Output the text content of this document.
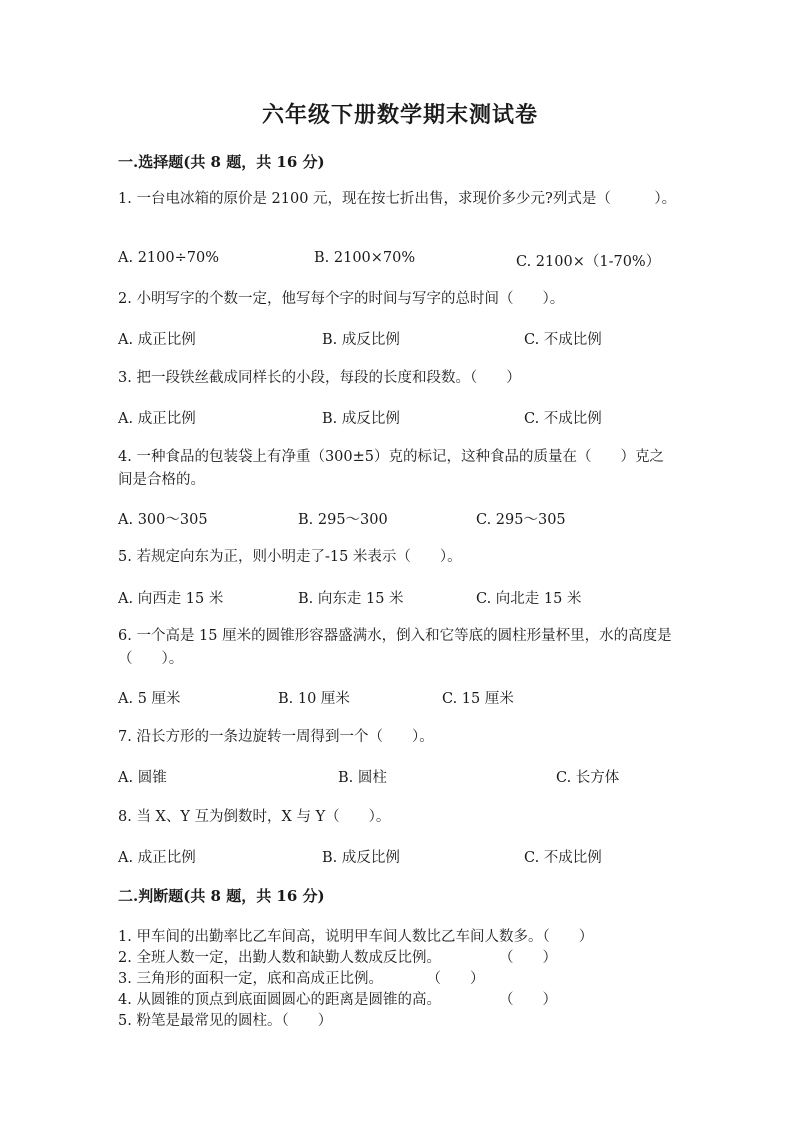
六年级下册数学期末测试卷
一.选择题(共 8 题，共 16 分)
1. 一台电冰箱的原价是 2100 元，现在按七折出售，求现价多少元?列式是（　　　）。
A. 2100÷70%	B. 2100×70%	C. 2100×（1-70%）
2. 小明写字的个数一定，他写每个字的时间与写字的总时间（　　）。
A. 成正比例	B. 成反比例	C. 不成比例
3. 把一段铁丝截成同样长的小段，每段的长度和段数。（　　）
A. 成正比例	B. 成反比例	C. 不成比例
4. 一种食品的包装袋上有净重（300±5）克的标记，这种食品的质量在（　　）克之间是合格的。
A. 300～305	B. 295～300	C. 295～305
5. 若规定向东为正，则小明走了-15 米表示（　　）。
A. 向西走 15 米	B. 向东走 15 米	C. 向北走 15 米
6. 一个高是 15 厘米的圆锥形容器盛满水，倒入和它等底的圆柱形量杯里，水的高度是（　　）。
A. 5 厘米	B. 10 厘米	C. 15 厘米
7. 沿长方形的一条边旋转一周得到一个（　　）。
A. 圆锥	B. 圆柱	C. 长方体
8. 当 X、Y 互为倒数时，X 与 Y（　　）。
A. 成正比例	B. 成反比例	C. 不成比例
二.判断题(共 8 题，共 16 分)
1. 甲车间的出勤率比乙车间高，说明甲车间人数比乙车间人数多。（　　）
2. 全班人数一定，出勤人数和缺勤人数成反比例。　　　　　（　　）
3. 三角形的面积一定，底和高成正比例。　　　　（　　）
4. 从圆锥的顶点到底面圆圆心的距离是圆锥的高。　　　　　（　　）
5. 粉笔是最常见的圆柱。（　　）
